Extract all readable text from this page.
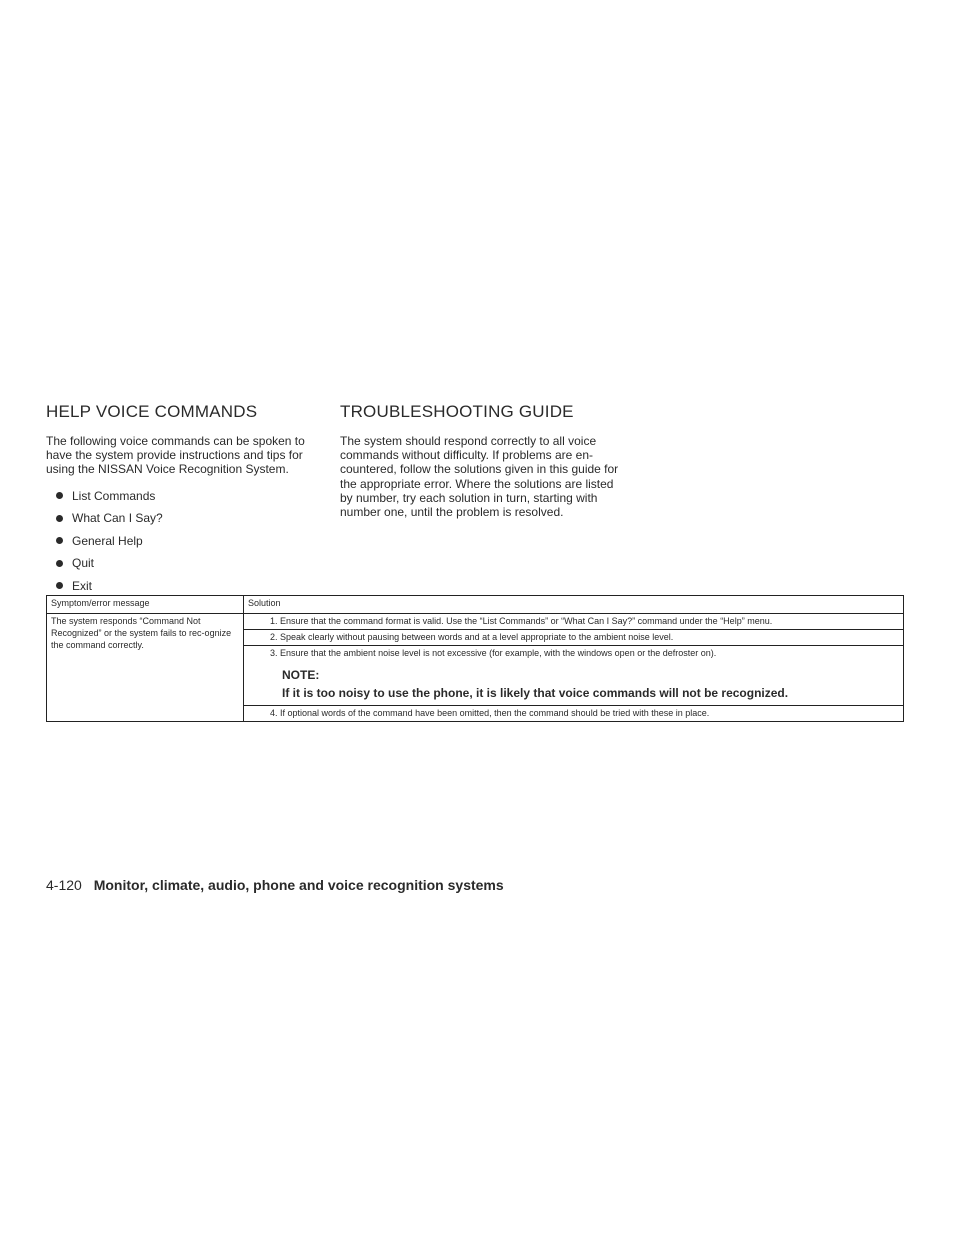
HELP VOICE COMMANDS

The following voice commands can be spoken to have the system provide instructions and tips for using the NISSAN Voice Recognition System.

List Commands
What Can I Say?
General Help
Quit
Exit
TROUBLESHOOTING GUIDE

The system should respond correctly to all voice commands without difficulty. If problems are en-countered, follow the solutions given in this guide for the appropriate error. Where the solutions are listed by number, try each solution in turn, starting with number one, until the problem is resolved.

Symptom/error message	Solution
The system responds “Command Not Recognized” or the system fails to rec-ognize the command correctly.	1. Ensure that the command format is valid. Use the “List Commands” or “What Can I Say?” command under the “Help” menu.
	2. Speak clearly without pausing between words and at a level appropriate to the ambient noise level.

	3. Ensure that the ambient noise level is not excessive (for example, with the windows open or the defroster on).
NOTE:
If it is too noisy to use the phone, it is likely that voice commands will not be recognized.

	4. If optional words of the command have been omitted, then the command should be tried with these in place.
4-120 Monitor, climate, audio, phone and voice recognition systems
